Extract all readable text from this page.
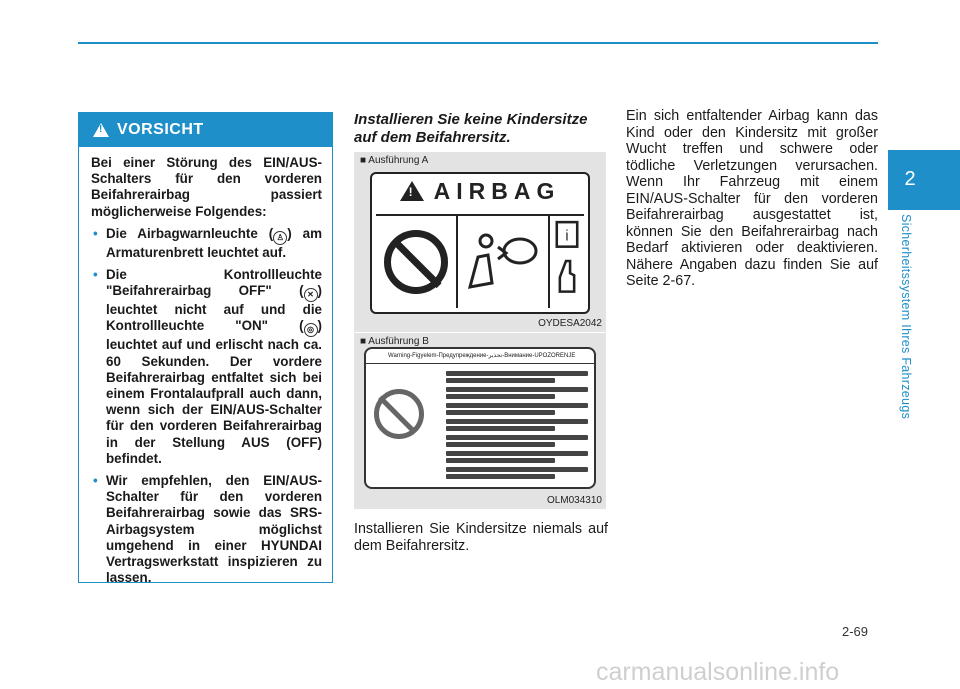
2
Sicherheitssystem Ihres Fahrzeugs
!
VORSICHT

Bei einer Störung des EIN/AUS-Schalters für den vorderen Beifahrerairbag passiert möglicherweise Folgendes:

• Die Airbagwarnleuchte ( ♙ ) am Armaturenbrett leuchtet auf.
• Die Kontrollleuchte "Beifahrerairbag OFF" ( ✕ ) leuchtet nicht auf und die Kontrollleuchte "ON" ( ◎ ) leuchtet auf und erlischt nach ca. 60 Sekunden. Der vordere Beifahrerairbag entfaltet sich bei einem Frontalaufprall auch dann, wenn sich der EIN/AUS-Schalter für den vorderen Beifahrerairbag in der Stellung AUS (OFF) befindet.
• Wir empfehlen, den EIN/AUS-Schalter für den vorderen Beifahrerairbag sowie das SRS-Airbagsystem möglichst umgehend in einer HYUNDAI Vertragswerkstatt inspizieren zu lassen.
Installieren Sie keine Kindersitze auf dem Beifahrersitz.
■ Ausführung A
!
AIRBAG
i
OYDESA2042
■ Ausführung B
Warning-Figyelem-Предупреждение-تحذير-Внимание-UPOZORENJE
OLM034310
Installieren Sie Kindersitze niemals auf dem Beifahrersitz.
Ein sich entfaltender Airbag kann das Kind oder den Kindersitz mit großer Wucht treffen und schwere oder tödliche Verletzungen verursachen. Wenn Ihr Fahrzeug mit einem EIN/AUS-Schalter für den vorderen Beifahrerairbag ausgestattet ist, können Sie den Beifahrerairbag nach Bedarf aktivieren oder deaktivieren. Nähere Angaben dazu finden Sie auf Seite 2-67.
2-69
carmanualsonline.info
